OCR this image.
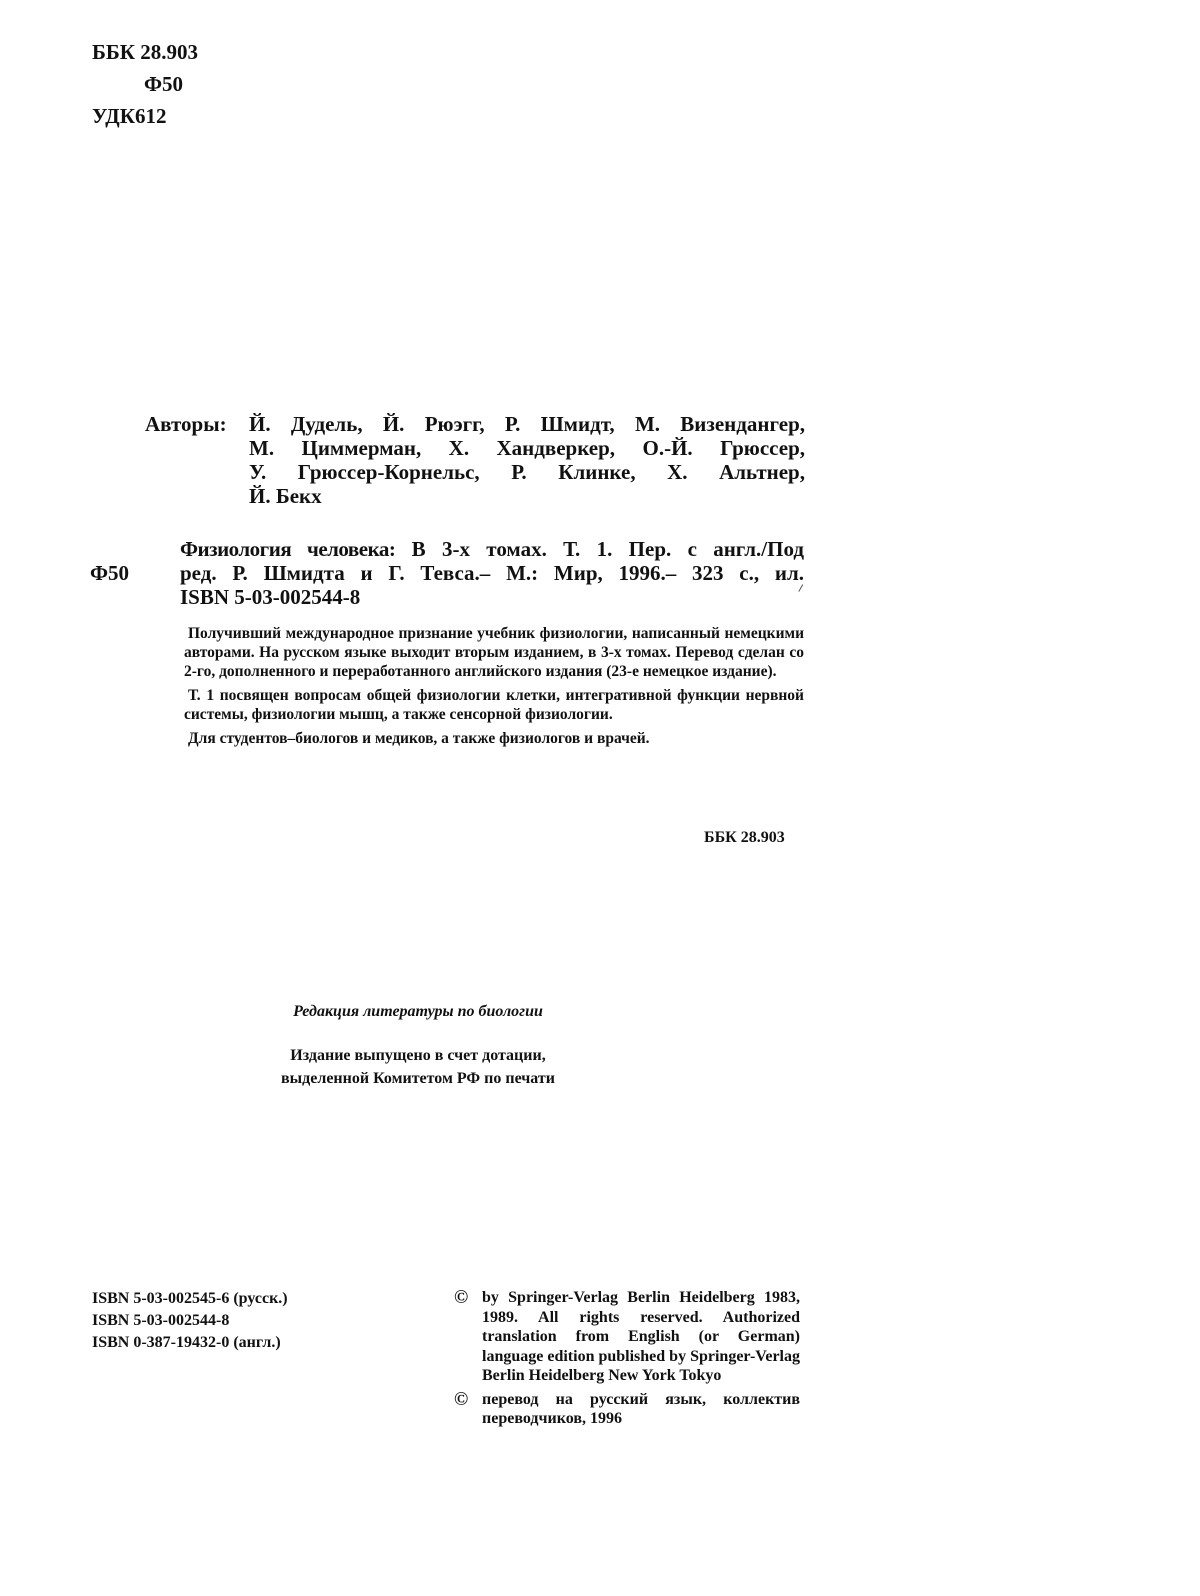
ББК 28.903
Ф50
УДК612
Авторы:	Й. Дудель, Й. Рюэгг, Р. Шмидт, М. Визендангер,
М. Циммерман, Х. Хандверкер, О.-Й. Грюссер,
У. Грюссер-Корнельс, Р. Клинке, Х. Альтнер,
Й. Бекх
Ф50
Физиология человека: В 3-х томах. Т. 1. Пер. с англ./Под
ред. Р. Шмидта и Г. Тевса.– М.: Мир, 1996.– 323 с., ил.
ISBN 5-03-002544-8

Получивший международное признание учебник физиологии, написанный немецкими авторами. На русском языке выходит вторым изданием, в 3-х томах. Перевод сделан со 2-го, дополненного и переработанного английского издания (23-е немецкое издание).

Т. 1 посвящен вопросам общей физиологии клетки, интегративной функции нервной системы, физиологии мышц, а также сенсорной физиологии.

Для студентов–биологов и медиков, а также физиологов и врачей.

ББК 28.903
Редакция литературы по биологии
Издание выпущено в счет дотации,
выделенной Комитетом РФ по печати
ISBN 5-03-002545-6 (русск.)
ISBN 5-03-002544-8
ISBN 0-387-19432-0 (англ.)
© by Springer-Verlag Berlin Heidelberg 1983, 1989. All rights reserved. Authorized translation from English (or German) language edition published by Springer-Verlag Berlin Heidelberg New York Tokyo
© перевод на русский язык, коллектив переводчиков, 1996
